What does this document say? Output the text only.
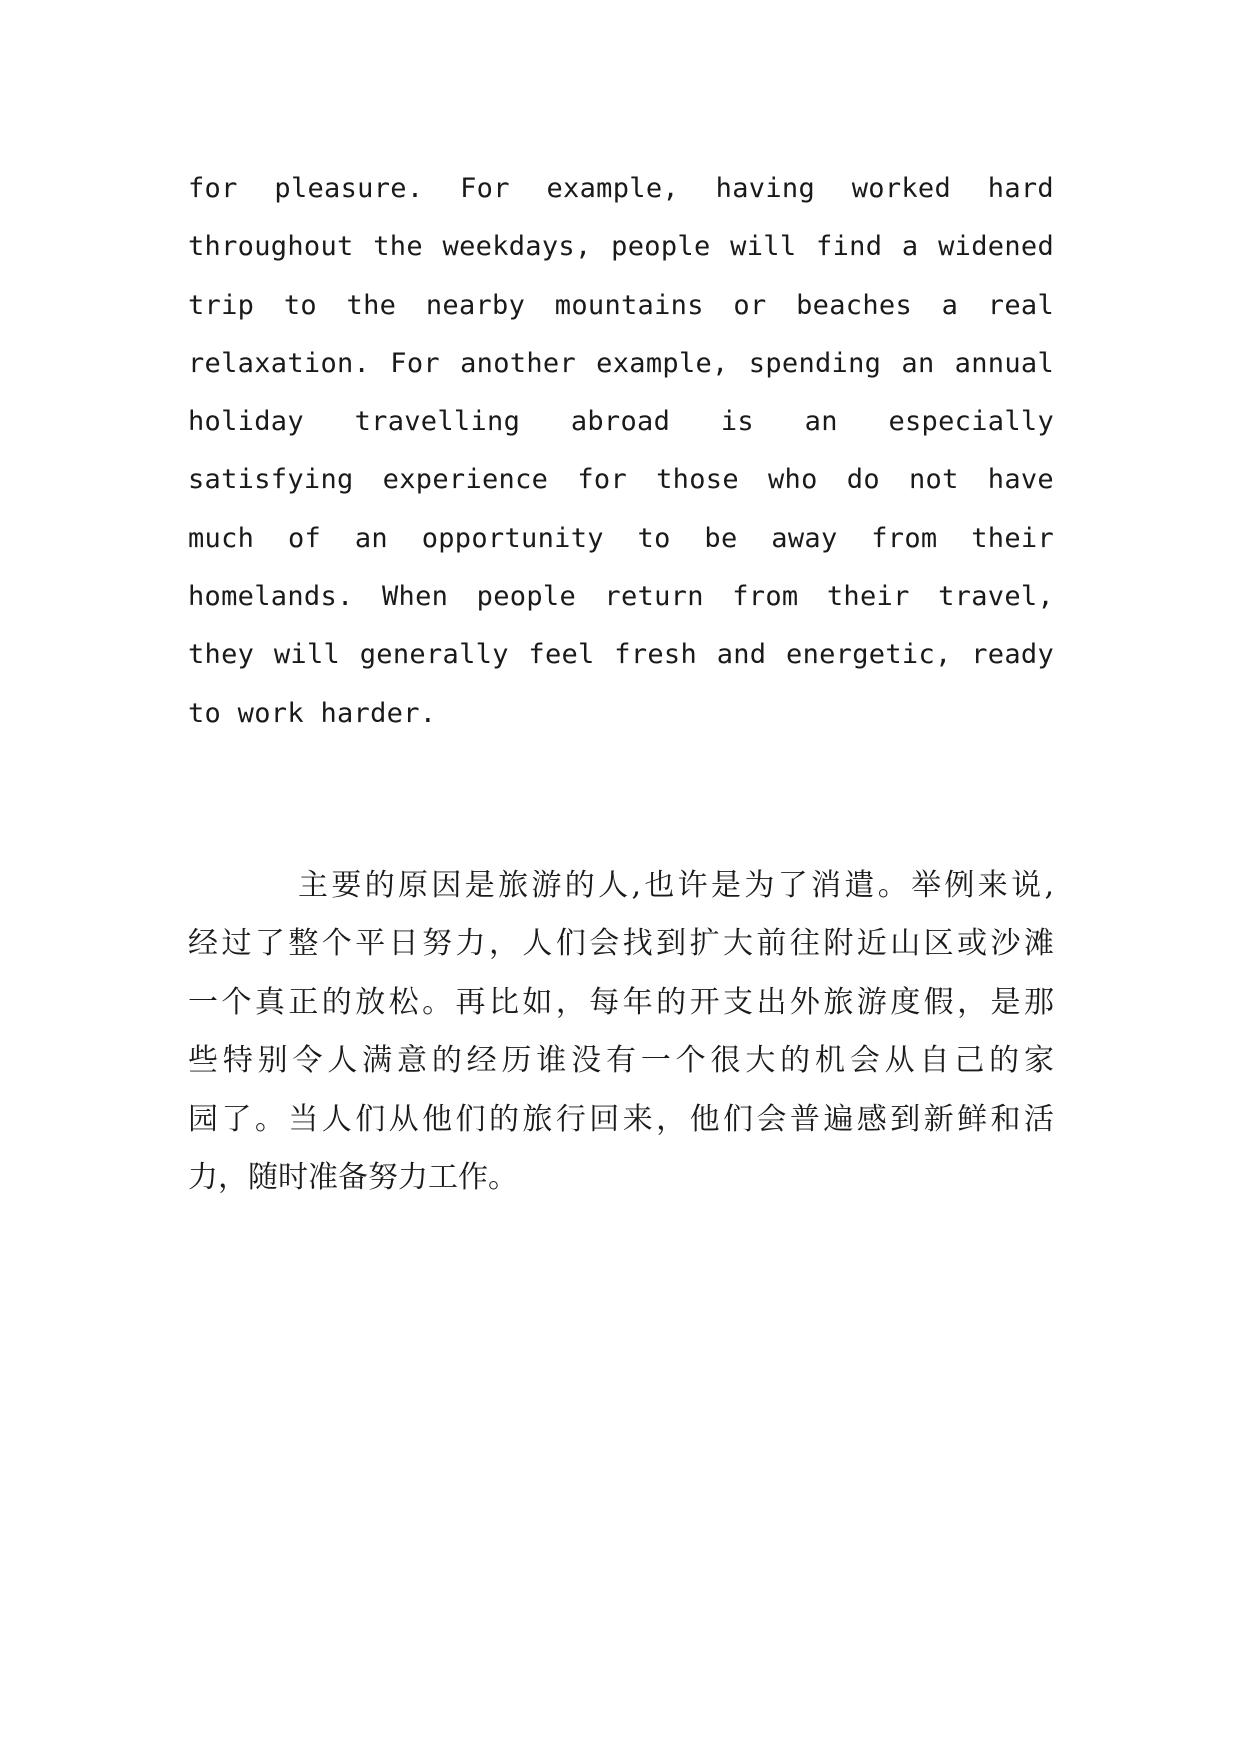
for pleasure. For example, having worked hard
throughout the weekdays, people will find a widened
trip to the nearby mountains or beaches a real
relaxation. For another example, spending an annual
holiday travelling abroad is an especially
satisfying experience for those who do not have
much of an opportunity to be away from their
homelands. When people return from their travel,
they will generally feel fresh and energetic, ready
to work harder.
主要的原因是旅游的人,也许是为了消遣。举例来说,
经过了整个平日努力，人们会找到扩大前往附近山区或沙滩
一个真正的放松。再比如，每年的开支出外旅游度假，是那
些特别令人满意的经历谁没有一个很大的机会从自己的家
园了。当人们从他们的旅行回来，他们会普遍感到新鲜和活
力，随时准备努力工作。
